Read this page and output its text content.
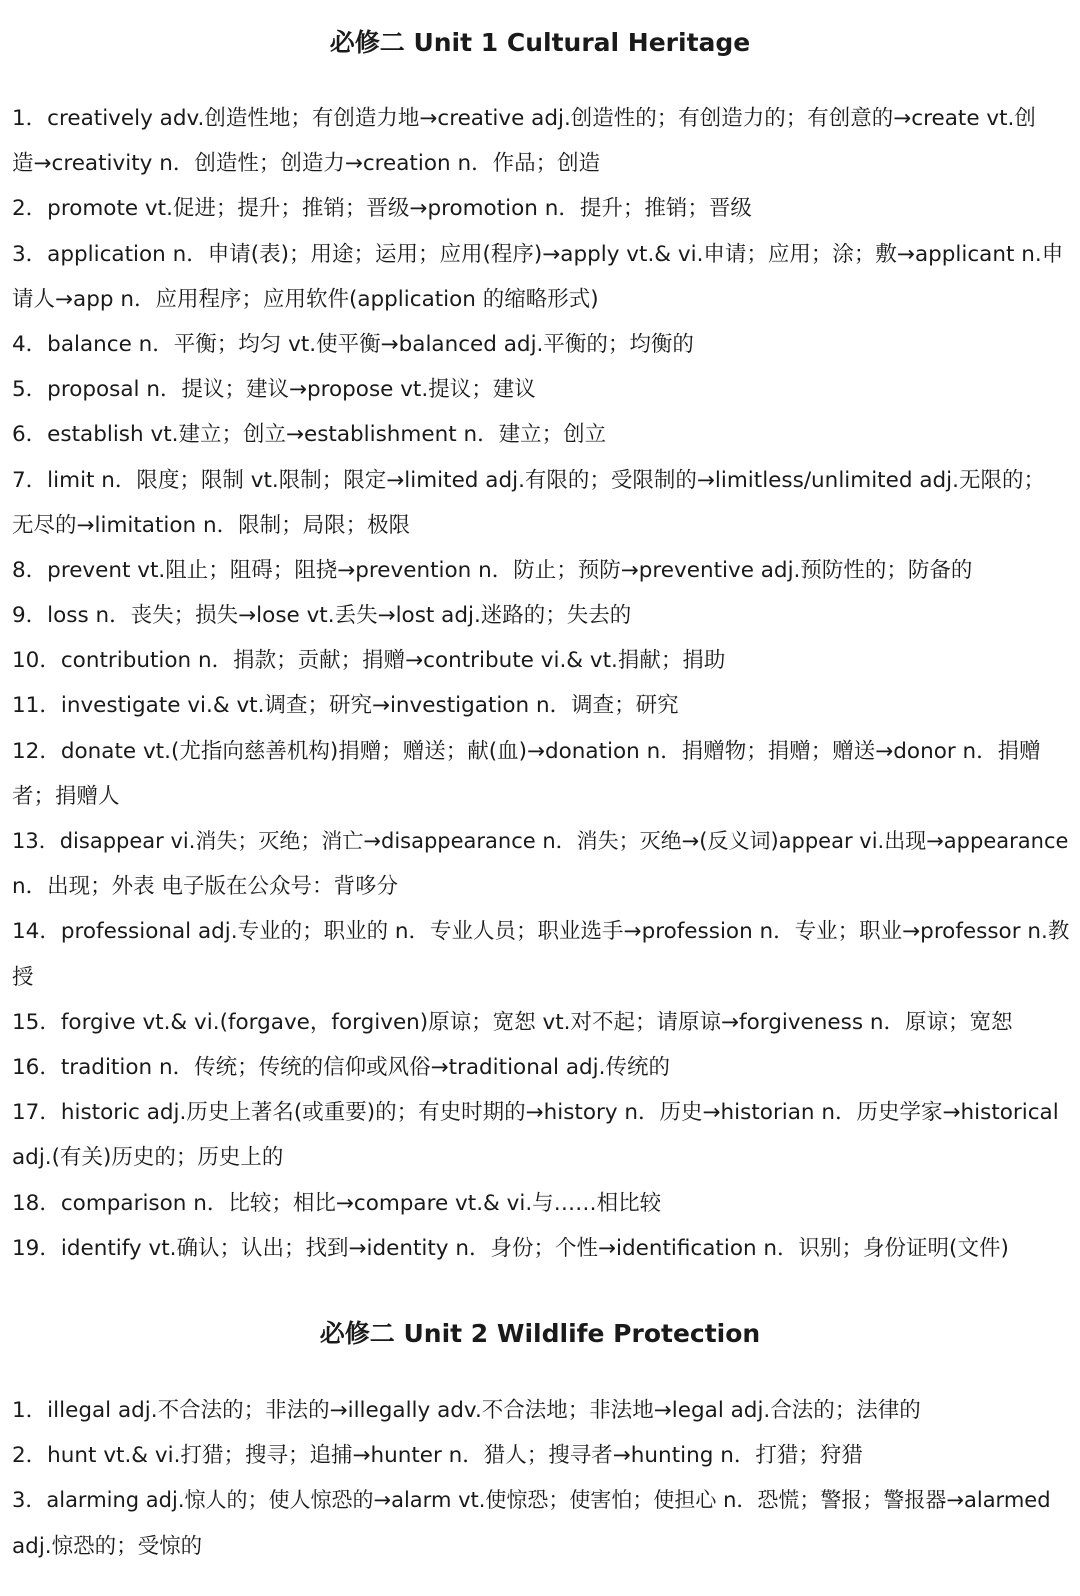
必修二 Unit 1 Cultural Heritage
1．creatively adv.创造性地；有创造力地→creative adj.创造性的；有创造力的；有创意的→create vt.创
造→creativity n．创造性；创造力→creation n．作品；创造
2．promote vt.促进；提升；推销；晋级→promotion n．提升；推销；晋级
3．application n．申请(表)；用途；运用；应用(程序)→apply vt.& vi.申请；应用；涂；敷→applicant n.申
请人→app n．应用程序；应用软件(application 的缩略形式)
4．balance n．平衡；均匀 vt.使平衡→balanced adj.平衡的；均衡的
5．proposal n．提议；建议→propose vt.提议；建议
6．establish vt.建立；创立→establishment n．建立；创立
7．limit n．限度；限制 vt.限制；限定→limited adj.有限的；受限制的→limitless/unlimited adj.无限的；
无尽的→limitation n．限制；局限；极限
8．prevent vt.阻止；阻碍；阻挠→prevention n．防止；预防→preventive adj.预防性的；防备的
9．loss n．丧失；损失→lose vt.丢失→lost adj.迷路的；失去的
10．contribution n．捐款；贡献；捐赠→contribute vi.& vt.捐献；捐助
11．investigate vi.& vt.调查；研究→investigation n．调查；研究
12．donate vt.(尤指向慈善机构)捐赠；赠送；献(血)→donation n．捐赠物；捐赠；赠送→donor n．捐赠
者；捐赠人
13．disappear vi.消失；灭绝；消亡→disappearance n．消失；灭绝→(反义词)appear vi.出现→appearance
n．出现；外表 电子版在公众号：背哆分
14．professional adj.专业的；职业的 n．专业人员；职业选手→profession n．专业；职业→professor n.教
授
15．forgive vt.& vi.(forgave，forgiven)原谅；宽恕 vt.对不起；请原谅→forgiveness n．原谅；宽恕
16．tradition n．传统；传统的信仰或风俗→traditional adj.传统的
17．historic adj.历史上著名(或重要)的；有史时期的→history n．历史→historian n．历史学家→historical
adj.(有关)历史的；历史上的
18．comparison n．比较；相比→compare vt.& vi.与……相比较
19．identify vt.确认；认出；找到→identity n．身份；个性→identification n．识别；身份证明(文件)
必修二 Unit 2 Wildlife Protection
1．illegal adj.不合法的；非法的→illegally adv.不合法地；非法地→legal adj.合法的；法律的
2．hunt vt.& vi.打猎；搜寻；追捕→hunter n．猎人；搜寻者→hunting n．打猎；狩猎
3．alarming adj.惊人的；使人惊恐的→alarm vt.使惊恐；使害怕；使担心 n．恐慌；警报；警报器→alarmed
adj.惊恐的；受惊的
